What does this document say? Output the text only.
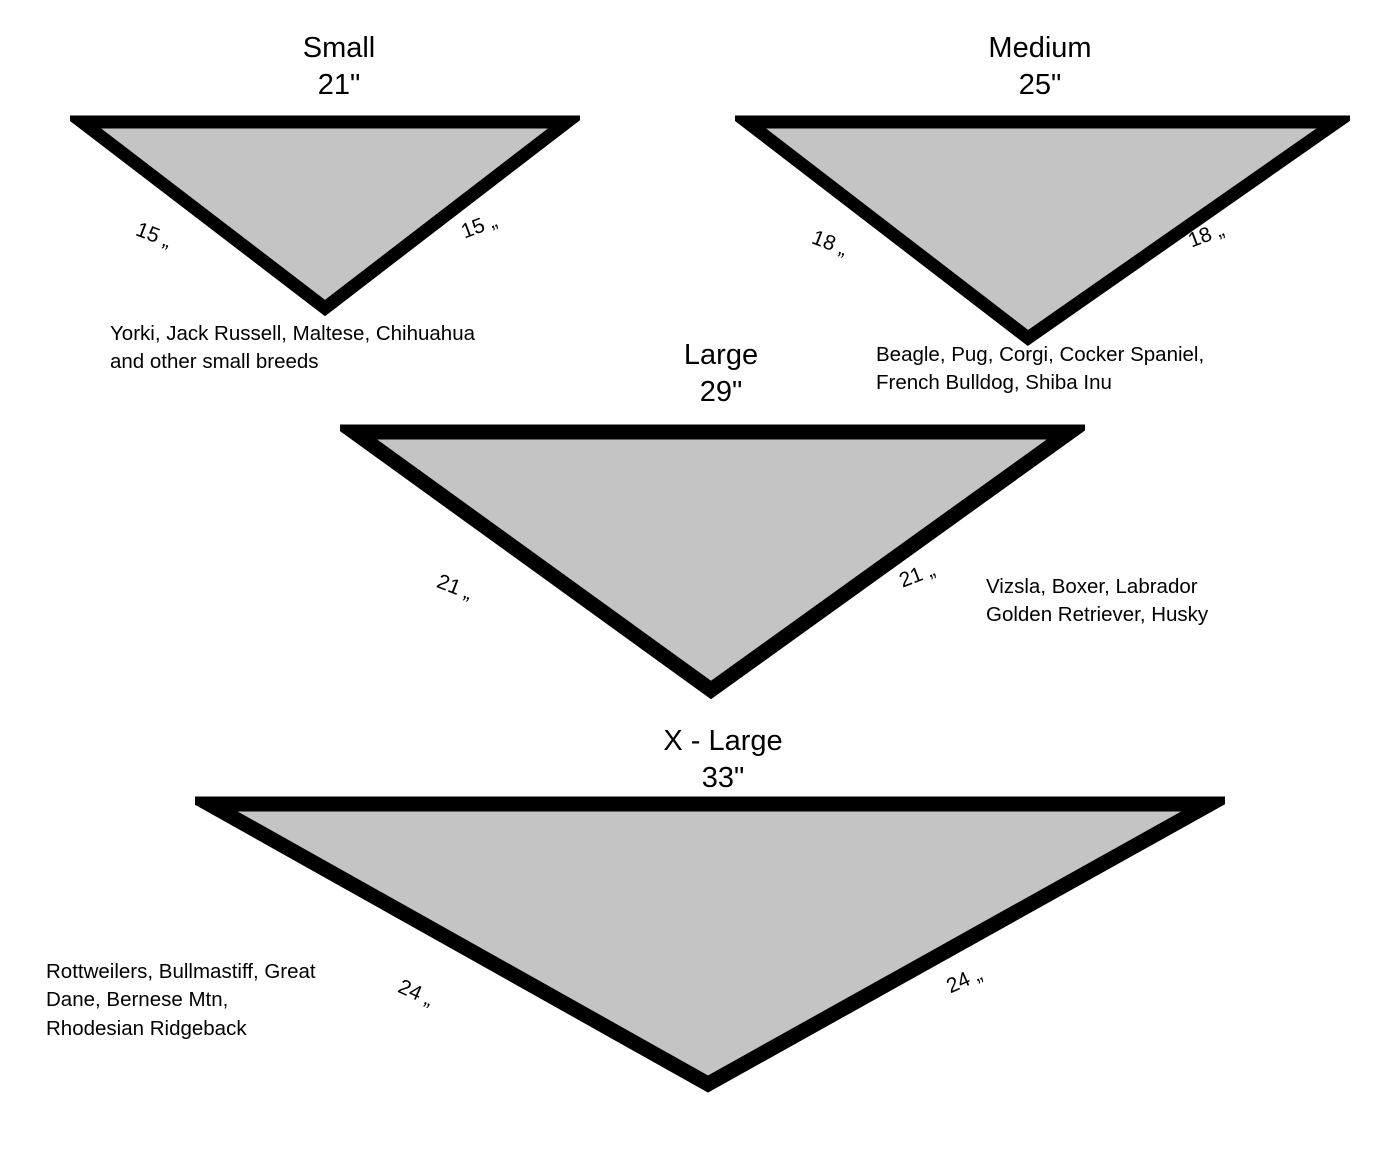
Small
21"
15 „	15 „
Yorki, Jack Russell, Maltese, Chihuahua
and other small breeds
Medium
25"
18 „	18 „
Beagle, Pug, Corgi, Cocker Spaniel,
French Bulldog, Shiba Inu
Large
29"
21 „	21 „ Vizsla, Boxer, Labrador
Golden Retriever, Husky
X - Large
33"
24 „	24 „
Rottweilers, Bullmastiff, Great
Dane, Bernese Mtn,
Rhodesian Ridgeback
